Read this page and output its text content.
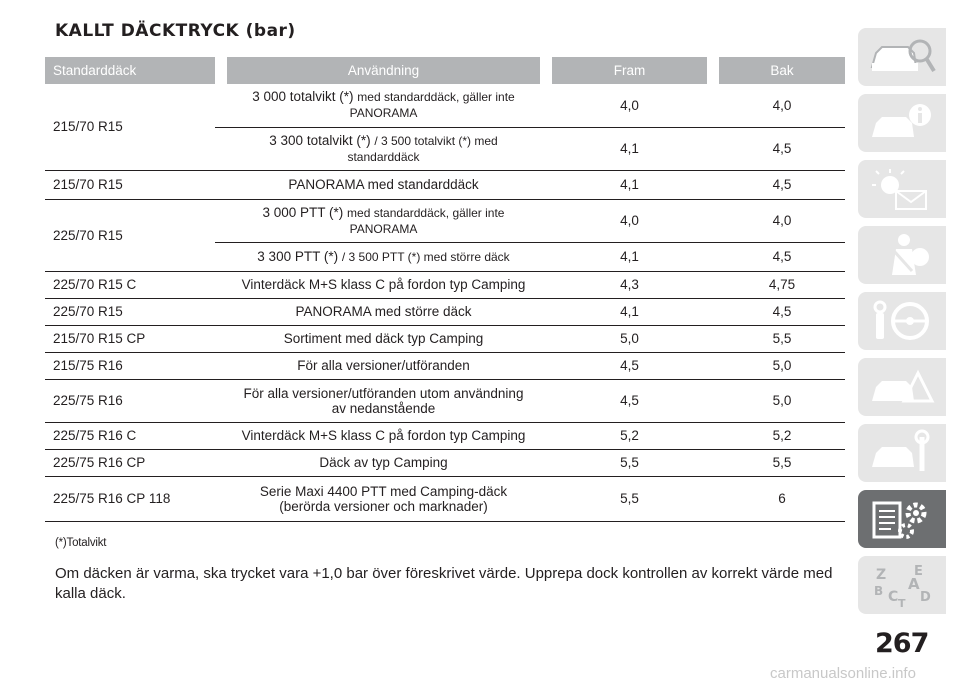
KALLT DÄCKTRYCK (bar)
Standarddäck		Användning		Fram		Bak
215/70 R15		3 000 totalvikt (*) med standarddäck, gäller inte PANORAMA		4,0		4,0
		3 300 totalvikt (*) / 3 500 totalvikt (*) med standarddäck		4,1		4,5
215/70 R15		PANORAMA med standarddäck		4,1		4,5
225/70 R15		3 000 PTT (*) med standarddäck, gäller inte PANORAMA		4,0		4,0
		3 300 PTT (*) / 3 500 PTT (*) med större däck		4,1		4,5
225/70 R15 C		Vinterdäck M+S klass C på fordon typ Camping		4,3		4,75
225/70 R15		PANORAMA med större däck		4,1		4,5
215/70 R15 CP		Sortiment med däck typ Camping		5,0		5,5
215/75 R16		För alla versioner/utföranden		4,5		5,0
225/75 R16		För alla versioner/utföranden utom användning av nedanstående		4,5		5,0
225/75 R16 C		Vinterdäck M+S klass C på fordon typ Camping		5,2		5,2
225/75 R16 CP		Däck av typ Camping		5,5		5,5
225/75 R16 CP 118		Serie Maxi 4400 PTT med Camping-däck (berörda versioner och marknader)		5,5		6
(*)Totalvikt

Om däcken är varma, ska trycket vara +1,0 bar över föreskrivet värde. Upprepa dock kontrollen av korrekt värde med kalla däck.

267
carmanualsonline.info
Z E
A
B C D
T
